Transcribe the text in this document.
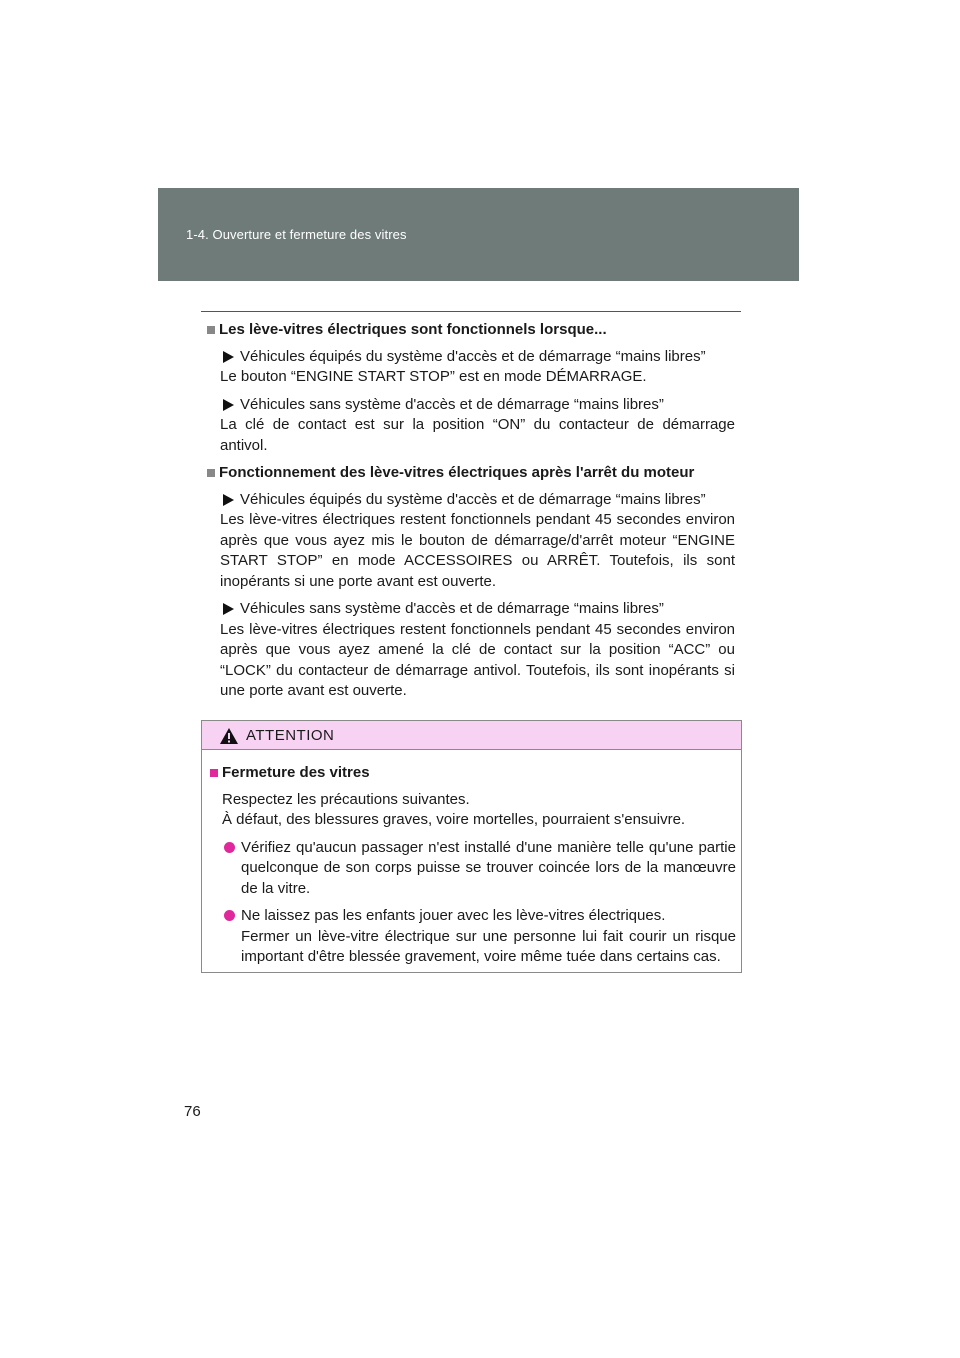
1-4. Ouverture et fermeture des vitres
Les lève-vitres électriques sont fonctionnels lorsque...
Véhicules équipés du système d'accès et de démarrage “mains libres”
Le bouton “ENGINE START STOP” est en mode DÉMARRAGE.
Véhicules sans système d'accès et de démarrage “mains libres”
La clé de contact est sur la position “ON” du contacteur de démarrage antivol.
Fonctionnement des lève-vitres électriques après l'arrêt du moteur
Véhicules équipés du système d'accès et de démarrage “mains libres”
Les lève-vitres électriques restent fonctionnels pendant 45 secondes environ après que vous ayez mis le bouton de démarrage/d'arrêt moteur “ENGINE START STOP” en mode ACCESSOIRES ou ARRÊT. Toutefois, ils sont inopérants si une porte avant est ouverte.
Véhicules sans système d'accès et de démarrage “mains libres”
Les lève-vitres électriques restent fonctionnels pendant 45 secondes environ après que vous ayez amené la clé de contact sur la position “ACC” ou “LOCK” du contacteur de démarrage antivol. Toutefois, ils sont inopérants si une porte avant est ouverte.
ATTENTION
Fermeture des vitres
Respectez les précautions suivantes.
À défaut, des blessures graves, voire mortelles, pourraient s'ensuivre.
Vérifiez qu'aucun passager n'est installé d'une manière telle qu'une partie quelconque de son corps puisse se trouver coincée lors de la manœuvre de la vitre.
Ne laissez pas les enfants jouer avec les lève-vitres électriques.
Fermer un lève-vitre électrique sur une personne lui fait courir un risque important d'être blessée gravement, voire même tuée dans certains cas.
76
